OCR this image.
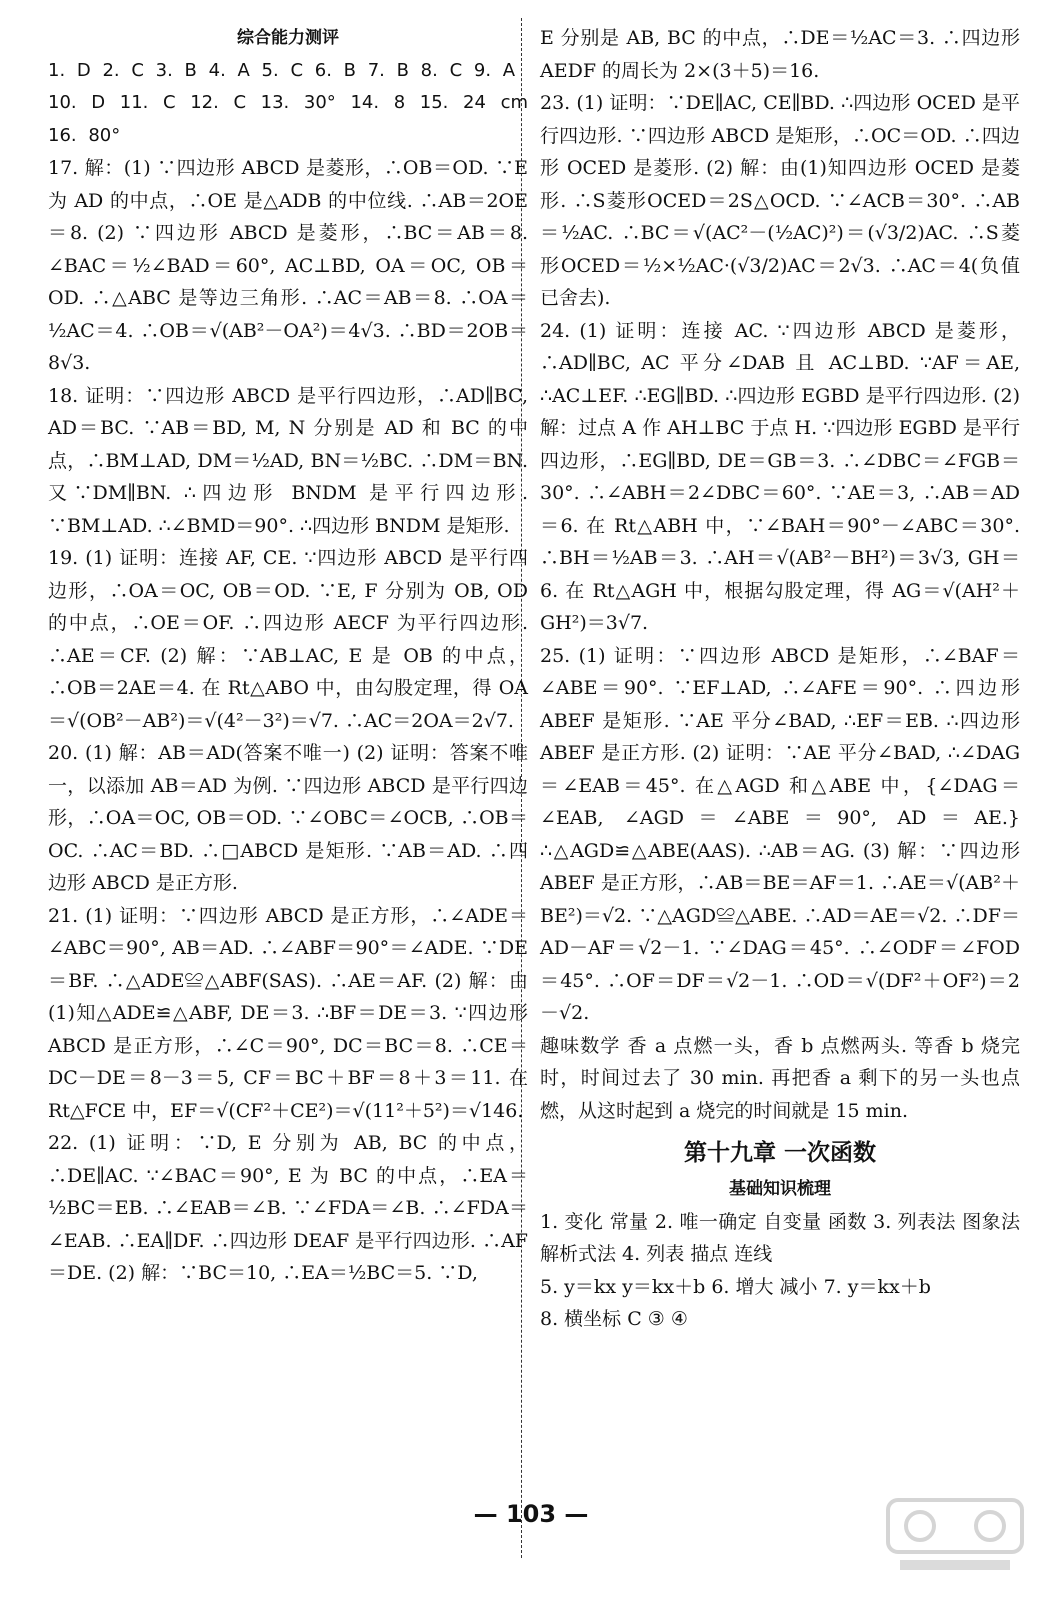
综合能力测评

1. D 2. C 3. B 4. A 5. C 6. B 7. B 8. C 9. A

10. D 11. C 12. C 13. 30° 14. 8 15. 24 cm 16. 80°

17. 解：(1) ∵四边形 ABCD 是菱形，∴OB＝OD. ∵E 为 AD 的中点，∴OE 是△ADB 的中位线. ∴AB＝2OE＝8. (2) ∵四边形 ABCD 是菱形，∴BC＝AB＝8. ∠BAC＝½∠BAD＝60°, AC⊥BD, OA＝OC, OB＝OD. ∴△ABC 是等边三角形. ∴AC＝AB＝8. ∴OA＝½AC＝4. ∴OB＝√(AB²－OA²)＝4√3. ∴BD＝2OB＝8√3.

18. 证明：∵四边形 ABCD 是平行四边形，∴AD∥BC, AD＝BC. ∵AB＝BD, M, N 分别是 AD 和 BC 的中点，∴BM⊥AD, DM＝½AD, BN＝½BC. ∴DM＝BN. 又∵DM∥BN. ∴四边形 BNDM 是平行四边形. ∵BM⊥AD. ∴∠BMD＝90°. ∴四边形 BNDM 是矩形.

19. (1) 证明：连接 AF, CE. ∵四边形 ABCD 是平行四边形，∴OA＝OC, OB＝OD. ∵E, F 分别为 OB, OD 的中点，∴OE＝OF. ∴四边形 AECF 为平行四边形. ∴AE＝CF. (2) 解：∵AB⊥AC, E 是 OB 的中点，∴OB＝2AE＝4. 在 Rt△ABO 中，由勾股定理，得 OA＝√(OB²－AB²)＝√(4²－3²)＝√7. ∴AC＝2OA＝2√7.

20. (1) 解：AB＝AD(答案不唯一) (2) 证明：答案不唯一，以添加 AB＝AD 为例. ∵四边形 ABCD 是平行四边形，∴OA＝OC, OB＝OD. ∵∠OBC＝∠OCB, ∴OB＝OC. ∴AC＝BD. ∴□ABCD 是矩形. ∵AB＝AD. ∴四边形 ABCD 是正方形.

21. (1) 证明：∵四边形 ABCD 是正方形，∴∠ADE＝∠ABC＝90°, AB＝AD. ∴∠ABF＝90°＝∠ADE. ∵DE＝BF. ∴△ADE≌△ABF(SAS). ∴AE＝AF. (2) 解：由(1)知△ADE≌△ABF, DE＝3. ∴BF＝DE＝3. ∵四边形 ABCD 是正方形，∴∠C＝90°, DC＝BC＝8. ∴CE＝DC－DE＝8－3＝5, CF＝BC＋BF＝8＋3＝11. 在 Rt△FCE 中，EF＝√(CF²＋CE²)＝√(11²＋5²)＝√146.

22. (1) 证明：∵D, E 分别为 AB, BC 的中点，∴DE∥AC. ∵∠BAC＝90°, E 为 BC 的中点，∴EA＝½BC＝EB. ∴∠EAB＝∠B. ∵∠FDA＝∠B. ∴∠FDA＝∠EAB. ∴EA∥DF. ∴四边形 DEAF 是平行四边形. ∴AF＝DE. (2) 解：∵BC＝10, ∴EA＝½BC＝5. ∵D,

E 分别是 AB, BC 的中点，∴DE＝½AC＝3. ∴四边形 AEDF 的周长为 2×(3＋5)＝16.

23. (1) 证明：∵DE∥AC, CE∥BD. ∴四边形 OCED 是平行四边形. ∵四边形 ABCD 是矩形，∴OC＝OD. ∴四边形 OCED 是菱形. (2) 解：由(1)知四边形 OCED 是菱形. ∴S菱形OCED＝2S△OCD. ∵∠ACB＝30°. ∴AB＝½AC. ∴BC＝√(AC²－(½AC)²)＝(√3/2)AC. ∴S菱形OCED＝½×½AC·(√3/2)AC＝2√3. ∴AC＝4(负值已舍去).

24. (1) 证明：连接 AC. ∵四边形 ABCD 是菱形，∴AD∥BC, AC 平分∠DAB 且 AC⊥BD. ∵AF＝AE, ∴AC⊥EF. ∴EG∥BD. ∴四边形 EGBD 是平行四边形. (2) 解：过点 A 作 AH⊥BC 于点 H. ∵四边形 EGBD 是平行四边形，∴EG∥BD, DE＝GB＝3. ∴∠DBC＝∠FGB＝30°. ∴∠ABH＝2∠DBC＝60°. ∵AE＝3, ∴AB＝AD＝6. 在 Rt△ABH 中，∵∠BAH＝90°－∠ABC＝30°. ∴BH＝½AB＝3. ∴AH＝√(AB²－BH²)＝3√3, GH＝6. 在 Rt△AGH 中，根据勾股定理，得 AG＝√(AH²＋GH²)＝3√7.

25. (1) 证明：∵四边形 ABCD 是矩形，∴∠BAF＝∠ABE＝90°. ∵EF⊥AD, ∴∠AFE＝90°. ∴四边形 ABEF 是矩形. ∵AE 平分∠BAD, ∴EF＝EB. ∴四边形 ABEF 是正方形. (2) 证明：∵AE 平分∠BAD, ∴∠DAG＝∠EAB＝45°. 在△AGD 和△ABE 中，{∠DAG＝∠EAB, ∠AGD＝∠ABE＝90°, AD＝AE.} ∴△AGD≌△ABE(AAS). ∴AB＝AG. (3) 解：∵四边形 ABEF 是正方形，∴AB＝BE＝AF＝1. ∴AE＝√(AB²＋BE²)＝√2. ∵△AGD≌△ABE. ∴AD＝AE＝√2. ∴DF＝AD－AF＝√2－1. ∵∠DAG＝45°. ∴∠ODF＝∠FOD＝45°. ∴OF＝DF＝√2－1. ∴OD＝√(DF²＋OF²)＝2－√2.

趣味数学 香 a 点燃一头，香 b 点燃两头. 等香 b 烧完时，时间过去了 30 min. 再把香 a 剩下的另一头也点燃，从这时起到 a 烧完的时间就是 15 min.

第十九章 一次函数
基础知识梳理

1. 变化 常量 2. 唯一确定 自变量 函数 3. 列表法 图象法 解析式法 4. 列表 描点 连线

5. y＝kx y＝kx＋b 6. 增大 减小 7. y＝kx＋b

8. 横坐标 C ③ ④

— 103 —
